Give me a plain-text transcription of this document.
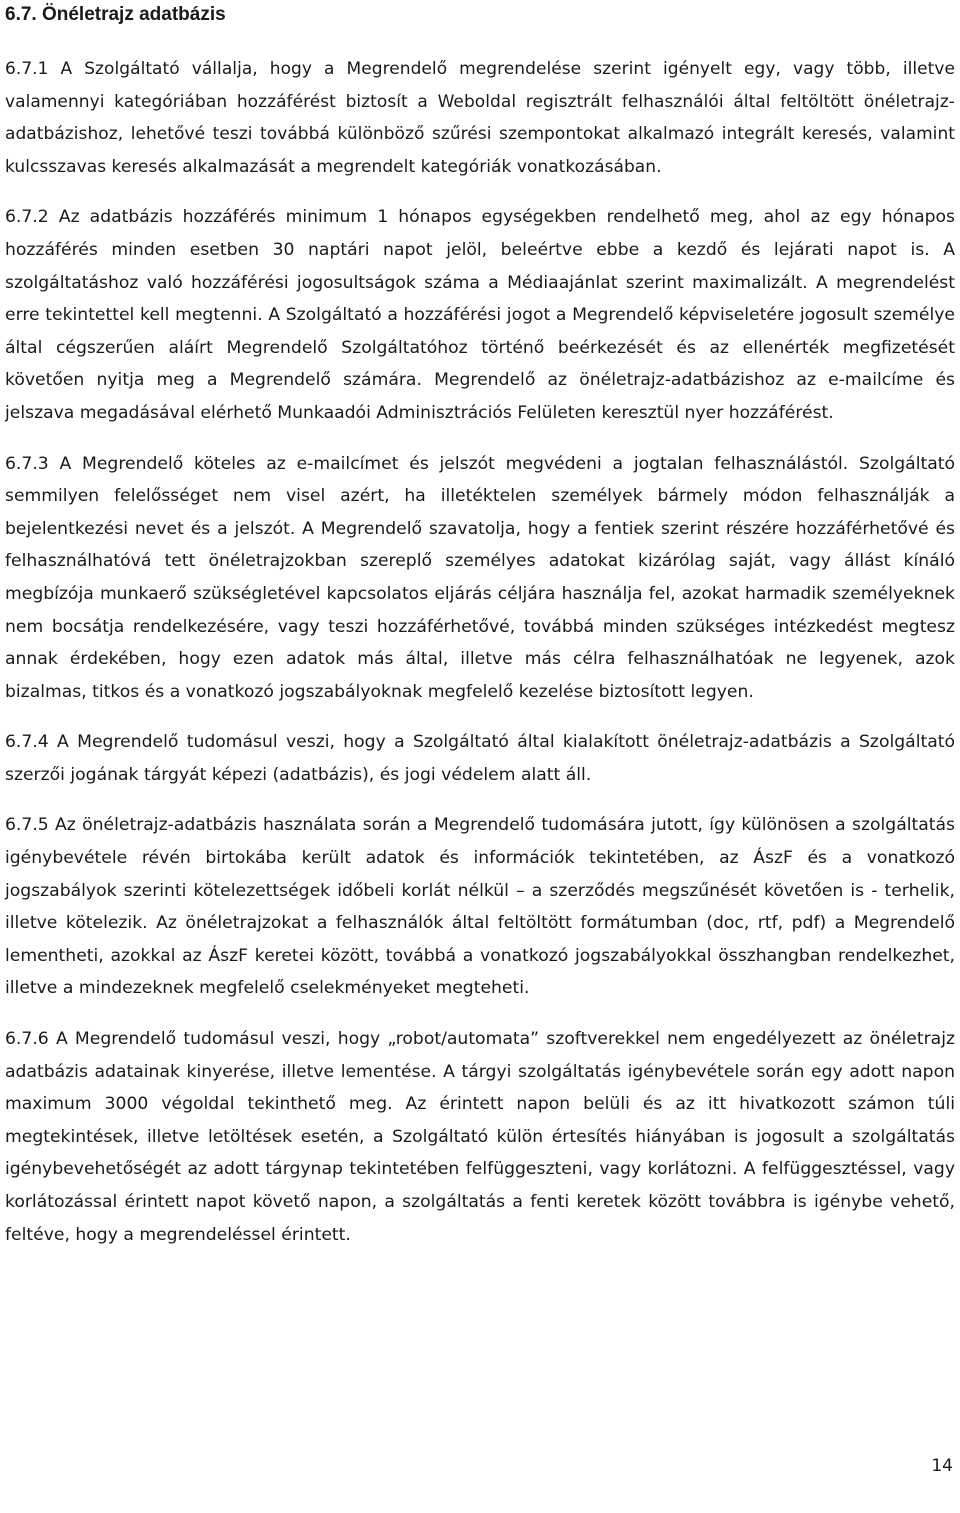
6.7. Önéletrajz adatbázis

6.7.1 A Szolgáltató vállalja, hogy a Megrendelő megrendelése szerint igényelt egy, vagy több, illetve valamennyi kategóriában hozzáférést biztosít a Weboldal regisztrált felhasználói által feltöltött önéletrajz-adatbázishoz, lehetővé teszi továbbá különböző szűrési szempontokat alkalmazó integrált keresés, valamint kulcsszavas keresés alkalmazását a megrendelt kategóriák vonatkozásában.

6.7.2 Az adatbázis hozzáférés minimum 1 hónapos egységekben rendelhető meg, ahol az egy hónapos hozzáférés minden esetben 30 naptári napot jelöl, beleértve ebbe a kezdő és lejárati napot is. A szolgáltatáshoz való hozzáférési jogosultságok száma a Médiaajánlat szerint maximalizált. A megrendelést erre tekintettel kell megtenni. A Szolgáltató a hozzáférési jogot a Megrendelő képviseletére jogosult személye által cégszerűen aláírt Megrendelő Szolgáltatóhoz történő beérkezését és az ellenérték megfizetését követően nyitja meg a Megrendelő számára. Megrendelő az önéletrajz-adatbázishoz az e-mailcíme és jelszava megadásával elérhető Munkaadói Adminisztrációs Felületen keresztül nyer hozzáférést.

6.7.3 A Megrendelő köteles az e-mailcímet és jelszót megvédeni a jogtalan felhasználástól. Szolgáltató semmilyen felelősséget nem visel azért, ha illetéktelen személyek bármely módon felhasználják a bejelentkezési nevet és a jelszót. A Megrendelő szavatolja, hogy a fentiek szerint részére hozzáférhetővé és felhasználhatóvá tett önéletrajzokban szereplő személyes adatokat kizárólag saját, vagy állást kínáló megbízója munkaerő szükségletével kapcsolatos eljárás céljára használja fel, azokat harmadik személyeknek nem bocsátja rendelkezésére, vagy teszi hozzáférhetővé, továbbá minden szükséges intézkedést megtesz annak érdekében, hogy ezen adatok más által, illetve más célra felhasználhatóak ne legyenek, azok bizalmas, titkos és a vonatkozó jogszabályoknak megfelelő kezelése biztosított legyen.

6.7.4 A Megrendelő tudomásul veszi, hogy a Szolgáltató által kialakított önéletrajz-adatbázis a Szolgáltató szerzői jogának tárgyát képezi (adatbázis), és jogi védelem alatt áll.

6.7.5 Az önéletrajz-adatbázis használata során a Megrendelő tudomására jutott, így különösen a szolgáltatás igénybevétele révén birtokába került adatok és információk tekintetében, az ÁszF és a vonatkozó jogszabályok szerinti kötelezettségek időbeli korlát nélkül – a szerződés megszűnését követően is - terhelik, illetve kötelezik. Az önéletrajzokat a felhasználók által feltöltött formátumban (doc, rtf, pdf) a Megrendelő lementheti, azokkal az ÁszF keretei között, továbbá a vonatkozó jogszabályokkal összhangban rendelkezhet, illetve a mindezeknek megfelelő cselekményeket megteheti.

6.7.6 A Megrendelő tudomásul veszi, hogy „robot/automata” szoftverekkel nem engedélyezett az önéletrajz adatbázis adatainak kinyerése, illetve lementése. A tárgyi szolgáltatás igénybevétele során egy adott napon maximum 3000 végoldal tekinthető meg. Az érintett napon belüli és az itt hivatkozott számon túli megtekintések, illetve letöltések esetén, a Szolgáltató külön értesítés hiányában is jogosult a szolgáltatás igénybevehetőségét az adott tárgynap tekintetében felfüggeszteni, vagy korlátozni. A felfüggesztéssel, vagy korlátozással érintett napot követő napon, a szolgáltatás a fenti keretek között továbbra is igénybe vehető, feltéve, hogy a megrendeléssel érintett.

14
